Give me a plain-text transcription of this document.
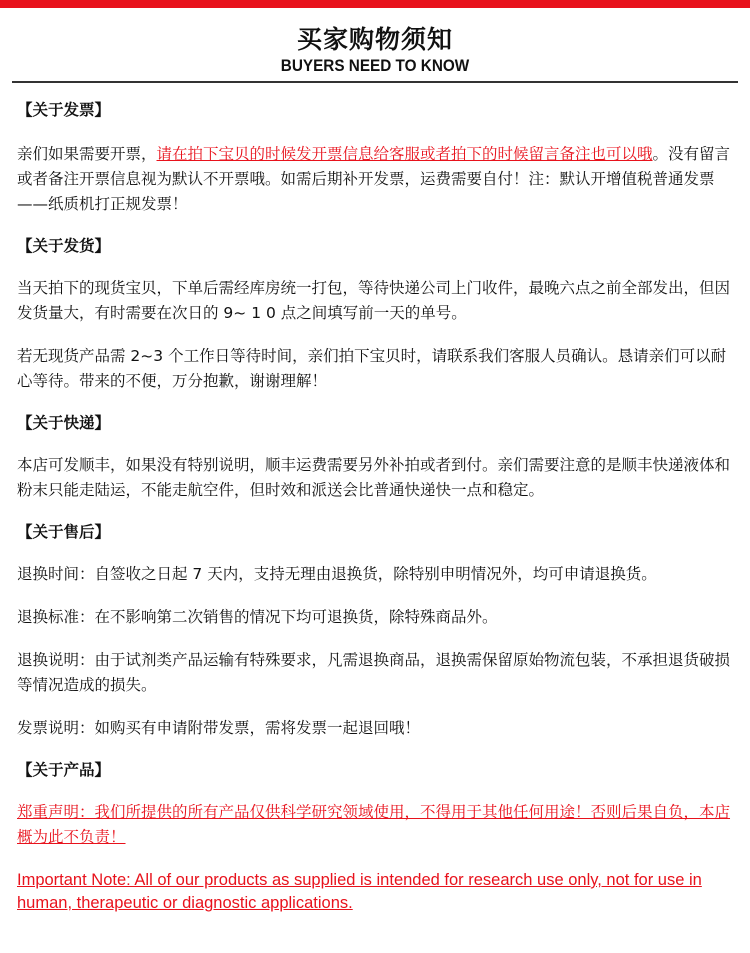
买家购物须知
BUYERS NEED TO KNOW

【关于发票】

亲们如果需要开票，请在拍下宝贝的时候发开票信息给客服或者拍下的时候留言备注也可以哦。没有留言或者备注开票信息视为默认不开票哦。如需后期补开发票，运费需要自付！注：默认开增值税普通发票——纸质机打正规发票！

【关于发货】

当天拍下的现货宝贝，下单后需经库房统一打包，等待快递公司上门收件，最晚六点之前全部发出，但因发货量大，有时需要在次日的 9~ 1 0 点之间填写前一天的单号。

若无现货产品需 2~3 个工作日等待时间，亲们拍下宝贝时，请联系我们客服人员确认。恳请亲们可以耐心等待。带来的不便，万分抱歉，谢谢理解！

【关于快递】

本店可发顺丰，如果没有特别说明，顺丰运费需要另外补拍或者到付。亲们需要注意的是顺丰快递液体和粉末只能走陆运，不能走航空件，但时效和派送会比普通快递快一点和稳定。

【关于售后】

退换时间：自签收之日起 7 天内，支持无理由退换货，除特别申明情况外，均可申请退换货。

退换标准：在不影响第二次销售的情况下均可退换货，除特殊商品外。

退换说明：由于试剂类产品运输有特殊要求，凡需退换商品，退换需保留原始物流包装，不承担退货破损等情况造成的损失。

发票说明：如购买有申请附带发票，需将发票一起退回哦！

【关于产品】

郑重声明：我们所提供的所有产品仅供科学研究领域使用，不得用于其他任何用途！否则后果自负，本店概为此不负责！

Important Note: All of our products as supplied is intended for research use only, not for use in human, therapeutic or diagnostic applications.
